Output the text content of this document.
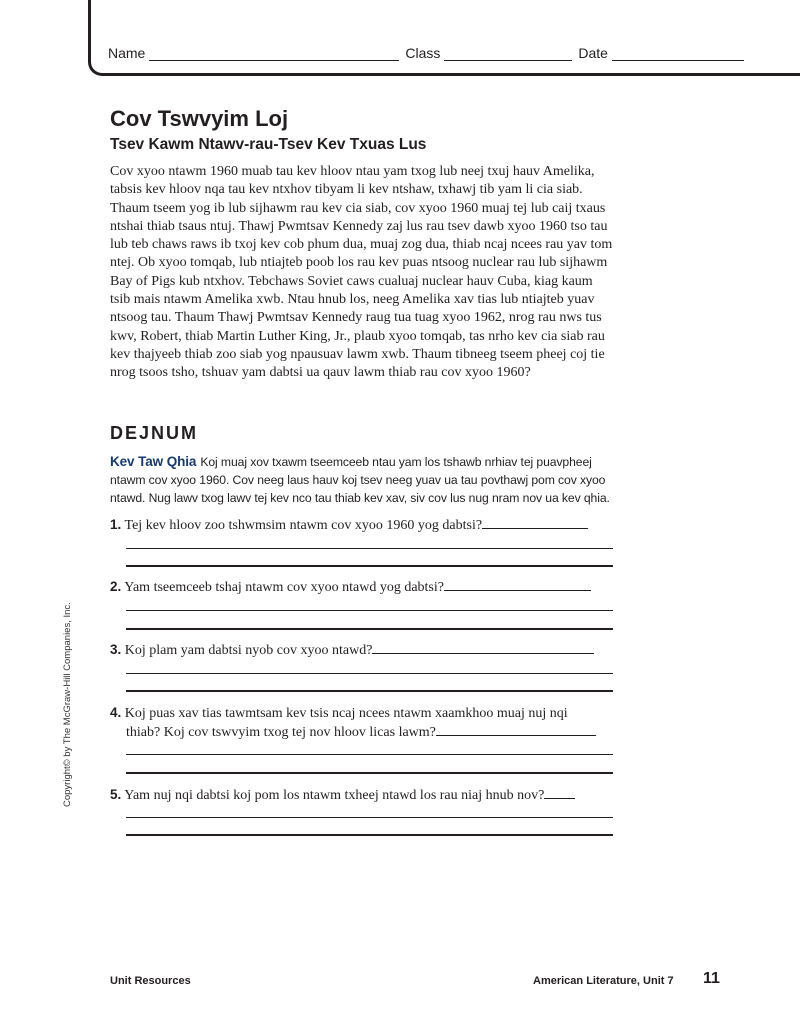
Name	Class	Date
Cov Tswvyim Loj
Tsev Kawm Ntawv-rau-Tsev Kev Txuas Lus
Cov xyoo ntawm 1960 muab tau kev hloov ntau yam txog lub neej txuj hauv Amelika, tabsis kev hloov nqa tau kev ntxhov tibyam li kev ntshaw, txhawj tib yam li cia siab. Thaum tseem yog ib lub sijhawm rau kev cia siab, cov xyoo 1960 muaj tej lub caij txaus ntshai thiab tsaus ntuj. Thawj Pwmtsav Kennedy zaj lus rau tsev dawb xyoo 1960 tso tau lub teb chaws raws ib txoj kev cob phum dua, muaj zog dua, thiab ncaj ncees rau yav tom ntej. Ob xyoo tomqab, lub ntiajteb poob los rau kev puas ntsoog nuclear rau lub sijhawm Bay of Pigs kub ntxhov. Tebchaws Soviet caws cualuaj nuclear hauv Cuba, kiag kaum tsib mais ntawm Amelika xwb. Ntau hnub los, neeg Amelika xav tias lub ntiajteb yuav ntsoog tau. Thaum Thawj Pwmtsav Kennedy raug tua tuag xyoo 1962, nrog rau nws tus kwv, Robert, thiab Martin Luther King, Jr., plaub xyoo tomqab, tas nrho kev cia siab rau kev thajyeeb thiab zoo siab yog npausuav lawm xwb. Thaum tibneeg tseem pheej coj tie nrog tsoos tsho, tshuav yam dabtsi ua qauv lawm thiab rau cov xyoo 1960?
DEJNUM
Kev Taw Qhia Koj muaj xov txawm tseemceeb ntau yam los tshawb nrhiav tej puavpheej ntawm cov xyoo 1960. Cov neeg laus hauv koj tsev neeg yuav ua tau povthawj pom cov xyoo ntawd. Nug lawv txog lawv tej kev nco tau thiab kev xav, siv cov lus nug nram nov ua kev qhia.
1. Tej kev hloov zoo tshwmsim ntawm cov xyoo 1960 yog dabtsi?
2. Yam tseemceeb tshaj ntawm cov xyoo ntawd yog dabtsi?
3. Koj plam yam dabtsi nyob cov xyoo ntawd?
4. Koj puas xav tias tawmtsam kev tsis ncaj ncees ntawm xaamkhoo muaj nuj nqi
thiab? Koj cov tswvyim txog tej nov hloov licas lawm?
5. Yam nuj nqi dabtsi koj pom los ntawm txheej ntawd los rau niaj hnub nov?
Copyright© by The McGraw-Hill Companies, Inc.
Unit Resources	American Literature, Unit 7 11
